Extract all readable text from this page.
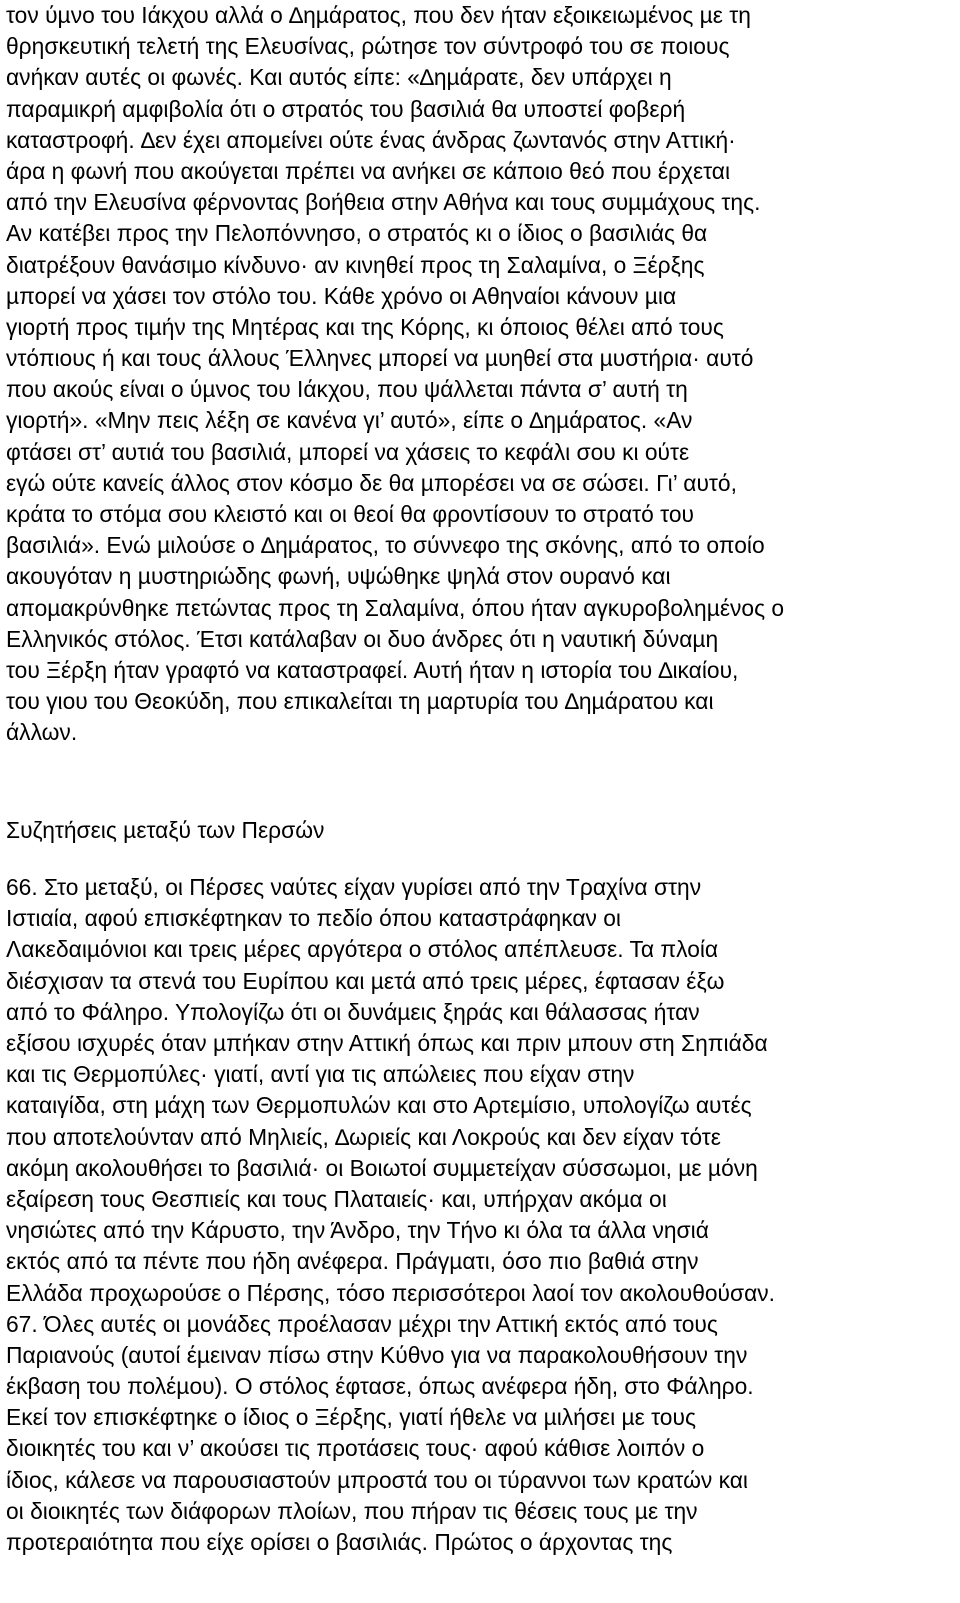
τον ύµνο του Ιάκχου αλλά ο ∆ηµάρατος, που δεν ήταν εξοικειωµένος µε τη
θρησκευτική τελετή της Ελευσίνας, ρώτησε τον σύντροφό του σε ποιους
ανήκαν αυτές οι φωνές. Και αυτός είπε: «∆ηµάρατε, δεν υπάρχει η
παραµικρή αµφιβολία ότι ο στρατός του βασιλιά θα υποστεί φοβερή
καταστροφή. ∆εν έχει αποµείνει ούτε ένας άνδρας ζωντανός στην Αττική·
άρα η φωνή που ακούγεται πρέπει να ανήκει σε κάποιο θεό που έρχεται
από την Ελευσίνα φέρνοντας βοήθεια στην Αθήνα και τους συµµάχους της.
Αν κατέβει προς την Πελοπόννησο, ο στρατός κι ο ίδιος ο βασιλιάς θα
διατρέξουν θανάσιµο κίνδυνο· αν κινηθεί προς τη Σαλαµίνα, ο Ξέρξης
µπορεί να χάσει τον στόλο του. Κάθε χρόνο οι Αθηναίοι κάνουν µια
γιορτή προς τιµήν της Μητέρας και της Κόρης, κι όποιος θέλει από τους
ντόπιους ή και τους άλλους Έλληνες µπορεί να µυηθεί στα µυστήρια· αυτό
που ακούς είναι ο ύµνος του Ιάκχου, που ψάλλεται πάντα σ’ αυτή τη
γιορτή». «Μην πεις λέξη σε κανένα γι’ αυτό», είπε ο ∆ηµάρατος. «Αν
φτάσει στ’ αυτιά του βασιλιά, µπορεί να χάσεις το κεφάλι σου κι ούτε
εγώ ούτε κανείς άλλος στον κόσµο δε θα µπορέσει να σε σώσει. Γι’ αυτό,
κράτα το στόµα σου κλειστό και οι θεοί θα φροντίσουν το στρατό του
βασιλιά». Ενώ µιλούσε ο ∆ηµάρατος, το σύννεφο της σκόνης, από το οποίο
ακουγόταν η µυστηριώδης φωνή, υψώθηκε ψηλά στον ουρανό και
αποµακρύνθηκε πετώντας προς τη Σαλαµίνα, όπου ήταν αγκυροβοληµένος ο
Ελληνικός στόλος. Έτσι κατάλαβαν οι δυο άνδρες ότι η ναυτική δύναµη
του Ξέρξη ήταν γραφτό να καταστραφεί. Αυτή ήταν η ιστορία του ∆ικαίου,
του γιου του Θεοκύδη, που επικαλείται τη µαρτυρία του ∆ηµάρατου και
άλλων.
Συζητήσεις µεταξύ των Περσών
66. Στο µεταξύ, οι Πέρσες ναύτες είχαν γυρίσει από την Τραχίνα στην
Ιστιαία, αφού επισκέφτηκαν το πεδίο όπου καταστράφηκαν οι
Λακεδαιµόνιοι και τρεις µέρες αργότερα ο στόλος απέπλευσε. Τα πλοία
διέσχισαν τα στενά του Ευρίπου και µετά από τρεις µέρες, έφτασαν έξω
από το Φάληρο. Υπολογίζω ότι οι δυνάµεις ξηράς και θάλασσας ήταν
εξίσου ισχυρές όταν µπήκαν στην Αττική όπως και πριν µπουν στη Σηπιάδα
και τις Θερµοπύλες· γιατί, αντί για τις απώλειες που είχαν στην
καταιγίδα, στη µάχη των Θερµοπυλών και στο Αρτεµίσιο, υπολογίζω αυτές
που αποτελούνταν από Μηλιείς, ∆ωριείς και Λοκρούς και δεν είχαν τότε
ακόµη ακολουθήσει το βασιλιά· οι Βοιωτοί συµµετείχαν σύσσωµοι, µε µόνη
εξαίρεση τους Θεσπιείς και τους Πλαταιείς· και, υπήρχαν ακόµα οι
νησιώτες από την Κάρυστο, την Άνδρο, την Τήνο κι όλα τα άλλα νησιά
εκτός από τα πέντε που ήδη ανέφερα. Πράγµατι, όσο πιο βαθιά στην
Ελλάδα προχωρούσε ο Πέρσης, τόσο περισσότεροι λαοί τον ακολουθούσαν.
67. Όλες αυτές οι µονάδες προέλασαν µέχρι την Αττική εκτός από τους
Παριανούς (αυτοί έµειναν πίσω στην Κύθνο για να παρακολουθήσουν την
έκβαση του πολέµου). Ο στόλος έφτασε, όπως ανέφερα ήδη, στο Φάληρο.
Εκεί τον επισκέφτηκε ο ίδιος ο Ξέρξης, γιατί ήθελε να µιλήσει µε τους
διοικητές του και ν’ ακούσει τις προτάσεις τους· αφού κάθισε λοιπόν ο
ίδιος, κάλεσε να παρουσιαστούν µπροστά του οι τύραννοι των κρατών και
οι διοικητές των διάφορων πλοίων, που πήραν τις θέσεις τους µε την
προτεραιότητα που είχε ορίσει ο βασιλιάς. Πρώτος ο άρχοντας της
